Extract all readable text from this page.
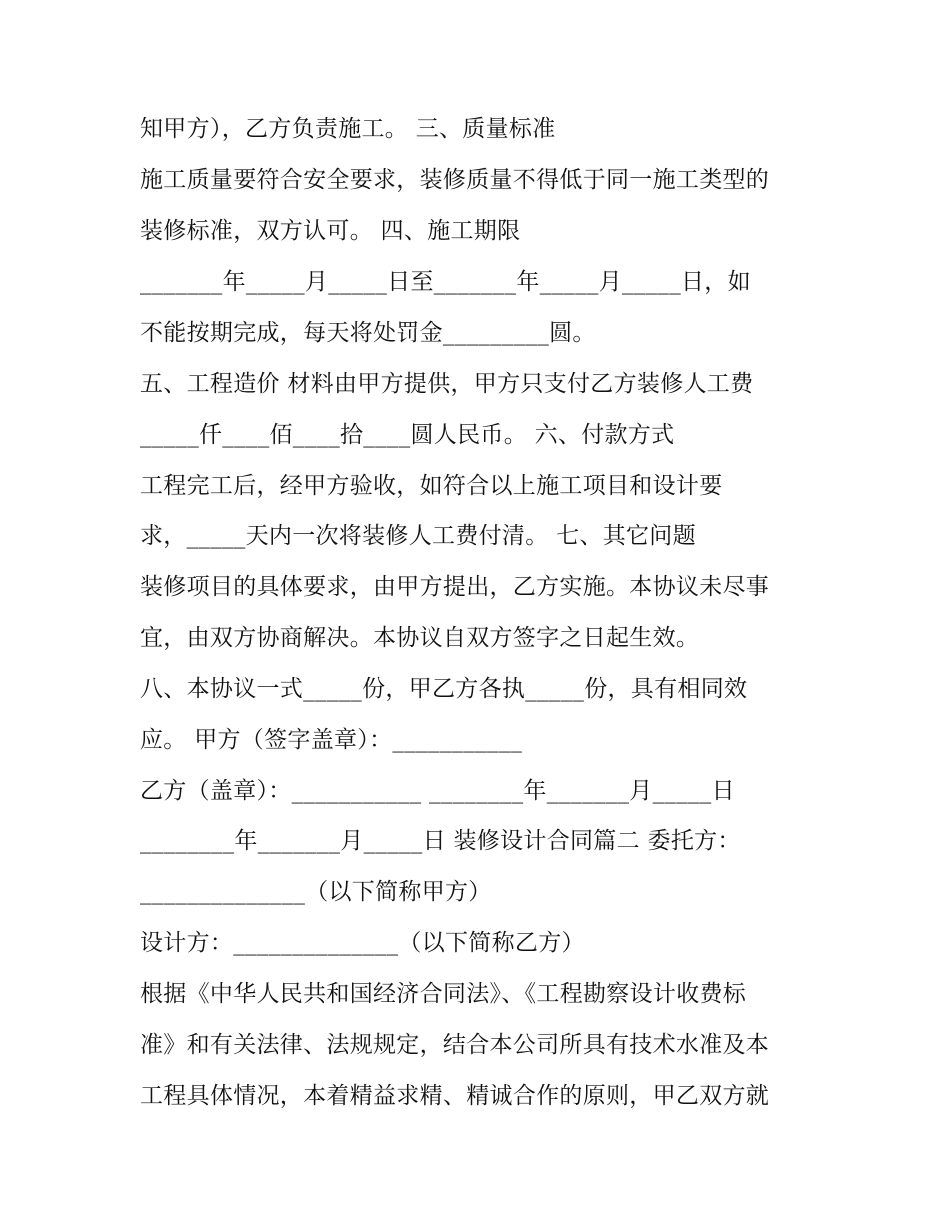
知甲方），乙方负责施工。 三、质量标准
施工质量要符合安全要求，装修质量不得低于同一施工类型的
装修标准，双方认可。 四、施工期限
_______年_____月_____日至_______年_____月_____日，如
不能按期完成，每天将处罚金_________圆。
五、工程造价 材料由甲方提供，甲方只支付乙方装修人工费
_____仟____佰____拾____圆人民币。 六、付款方式
工程完工后，经甲方验收，如符合以上施工项目和设计要
求，_____天内一次将装修人工费付清。 七、其它问题
装修项目的具体要求，由甲方提出，乙方实施。本协议未尽事
宜，由双方协商解决。本协议自双方签字之日起生效。
八、本协议一式_____份，甲乙方各执_____份，具有相同效
应。 甲方（签字盖章）：___________
乙方（盖章）：___________ ________年_______月_____日
________年_______月_____日 装修设计合同篇二 委托方：
______________（以下简称甲方）
设计方：______________（以下简称乙方）
根据《中华人民共和国经济合同法》、《工程勘察设计收费标
准》和有关法律、法规规定，结合本公司所具有技术水准及本
工程具体情况，本着精益求精、精诚合作的原则，甲乙双方就
